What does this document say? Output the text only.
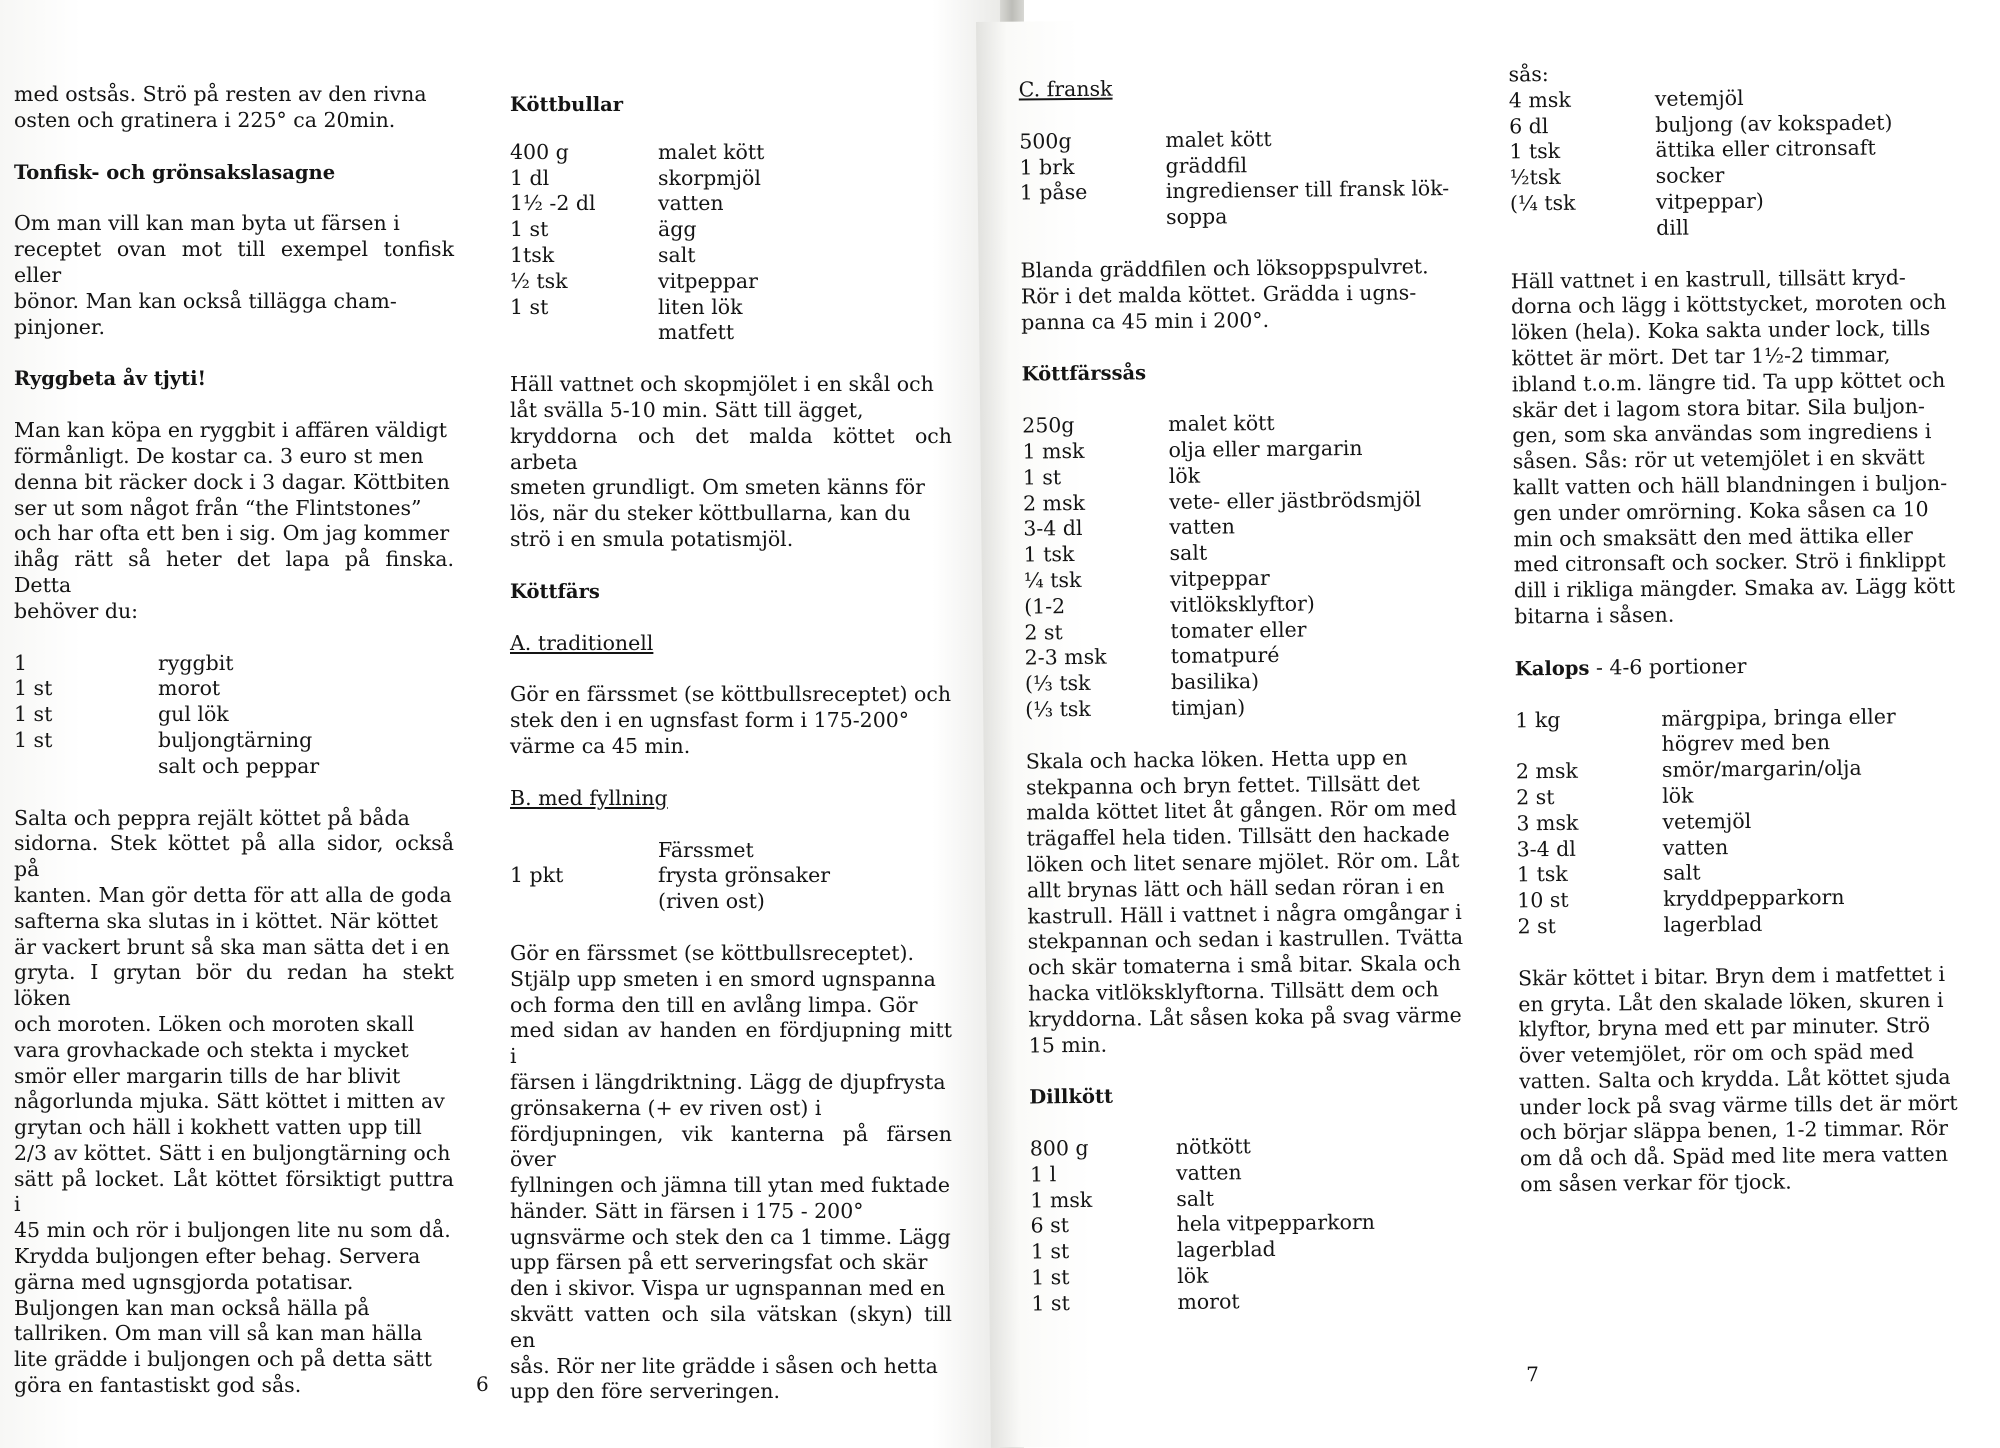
med ostsås. Strö på resten av den rivna

osten och gratinera i 225° ca 20min.

Tonfisk- och grönsakslasagne

Om man vill kan man byta ut färsen i

receptet ovan mot till exempel tonfisk eller

bönor. Man kan också tillägga cham-

pinjoner.

Ryggbeta åv tjyti!

Man kan köpa en ryggbit i affären väldigt

förmånligt. De kostar ca. 3 euro st men

denna bit räcker dock i 3 dagar. Köttbiten

ser ut som något från “the Flintstones”

och har ofta ett ben i sig. Om jag kommer

ihåg rätt så heter det lapa på finska. Detta

behöver du:

1	ryggbit
1 st	morot
1 st	gul lök
1 st	buljongtärning
salt och peppar

Salta och peppra rejält köttet på båda

sidorna. Stek köttet på alla sidor, också på

kanten. Man gör detta för att alla de goda

safterna ska slutas in i köttet. När köttet

är vackert brunt så ska man sätta det i en

gryta. I grytan bör du redan ha stekt löken

och moroten. Löken och moroten skall

vara grovhackade och stekta i mycket

smör eller margarin tills de har blivit

någorlunda mjuka. Sätt köttet i mitten av

grytan och häll i kokhett vatten upp till

2/3 av köttet. Sätt i en buljongtärning och

sätt på locket. Låt köttet försiktigt puttra i

45 min och rör i buljongen lite nu som då.

Krydda buljongen efter behag. Servera

gärna med ugnsgjorda potatisar.

Buljongen kan man också hälla på

tallriken. Om man vill så kan man hälla

lite grädde i buljongen och på detta sätt

göra en fantastiskt god sås.

Köttbullar

400 g	malet kött
1 dl	skorpmjöl
1½ -2 dl	vatten
1 st	ägg
1tsk	salt
½ tsk	vitpeppar
1 st	liten lök
matfett

Häll vattnet och skopmjölet i en skål och

låt svälla 5-10 min. Sätt till ägget,

kryddorna och det malda köttet och arbeta

smeten grundligt. Om smeten känns för

lös, när du steker köttbullarna, kan du

strö i en smula potatismjöl.

Köttfärs

A. traditionell

Gör en färssmet (se köttbullsreceptet) och

stek den i en ugnsfast form i 175-200°

värme ca 45 min.

B. med fyllning

Färssmet
1 pkt	frysta grönsaker
(riven ost)

Gör en färssmet (se köttbullsreceptet).

Stjälp upp smeten i en smord ugnspanna

och forma den till en avlång limpa. Gör

med sidan av handen en fördjupning mitt i

färsen i längdriktning. Lägg de djupfrysta

grönsakerna (+ ev riven ost) i

fördjupningen, vik kanterna på färsen över

fyllningen och jämna till ytan med fuktade

händer. Sätt in färsen i 175 - 200°

ugnsvärme och stek den ca 1 timme. Lägg

upp färsen på ett serveringsfat och skär

den i skivor. Vispa ur ugnspannan med en

skvätt vatten och sila vätskan (skyn) till en

sås. Rör ner lite grädde i såsen och hetta

upp den före serveringen.

6

C. fransk

500g	malet kött
1 brk	gräddfil
1 påse	ingredienser till fransk lök-
soppa

Blanda gräddfilen och löksoppspulvret.

Rör i det malda köttet. Grädda i ugns-

panna ca 45 min i 200°.

Köttfärssås

250g	malet kött
1 msk	olja eller margarin
1 st	lök
2 msk	vete- eller jästbrödsmjöl
3-4 dl	vatten
1 tsk	salt
¼ tsk	vitpeppar
(1-2	vitlöksklyftor)
2 st	tomater eller
2-3 msk	tomatpuré
(⅓ tsk	basilika)
(⅓ tsk	timjan)

Skala och hacka löken. Hetta upp en

stekpanna och bryn fettet. Tillsätt det

malda köttet litet åt gången. Rör om med

trägaffel hela tiden. Tillsätt den hackade

löken och litet senare mjölet. Rör om. Låt

allt brynas lätt och häll sedan röran i en

kastrull. Häll i vattnet i några omgångar i

stekpannan och sedan i kastrullen. Tvätta

och skär tomaterna i små bitar. Skala och

hacka vitlöksklyftorna. Tillsätt dem och

kryddorna. Låt såsen koka på svag värme

15 min.

Dillkött

800 g	nötkött
1 l	vatten
1 msk	salt
6 st	hela vitpepparkorn
1 st	lagerblad
1 st	lök
1 st	morot

sås:

4 msk	vetemjöl
6 dl	buljong (av kokspadet)
1 tsk	ättika eller citronsaft
½tsk	socker
(¼ tsk	vitpeppar)
dill

Häll vattnet i en kastrull, tillsätt kryd-

dorna och lägg i köttstycket, moroten och

löken (hela). Koka sakta under lock, tills

köttet är mört. Det tar 1½-2 timmar,

ibland t.o.m. längre tid. Ta upp köttet och

skär det i lagom stora bitar. Sila buljon-

gen, som ska användas som ingrediens i

såsen. Sås: rör ut vetemjölet i en skvätt

kallt vatten och häll blandningen i buljon-

gen under omrörning. Koka såsen ca 10

min och smaksätt den med ättika eller

med citronsaft och socker. Strö i finklippt

dill i rikliga mängder. Smaka av. Lägg kött

bitarna i såsen.

Kalops - 4-6 portioner

1 kg	märgpipa, bringa eller
högrev med ben
2 msk	smör/margarin/olja
2 st	lök
3 msk	vetemjöl
3-4 dl	vatten
1 tsk	salt
10 st	kryddpepparkorn
2 st	lagerblad

Skär köttet i bitar. Bryn dem i matfettet i

en gryta. Låt den skalade löken, skuren i

klyftor, bryna med ett par minuter. Strö

över vetemjölet, rör om och späd med

vatten. Salta och krydda. Låt köttet sjuda

under lock på svag värme tills det är mört

och börjar släppa benen, 1-2 timmar. Rör

om då och då. Späd med lite mera vatten

om såsen verkar för tjock.

7
